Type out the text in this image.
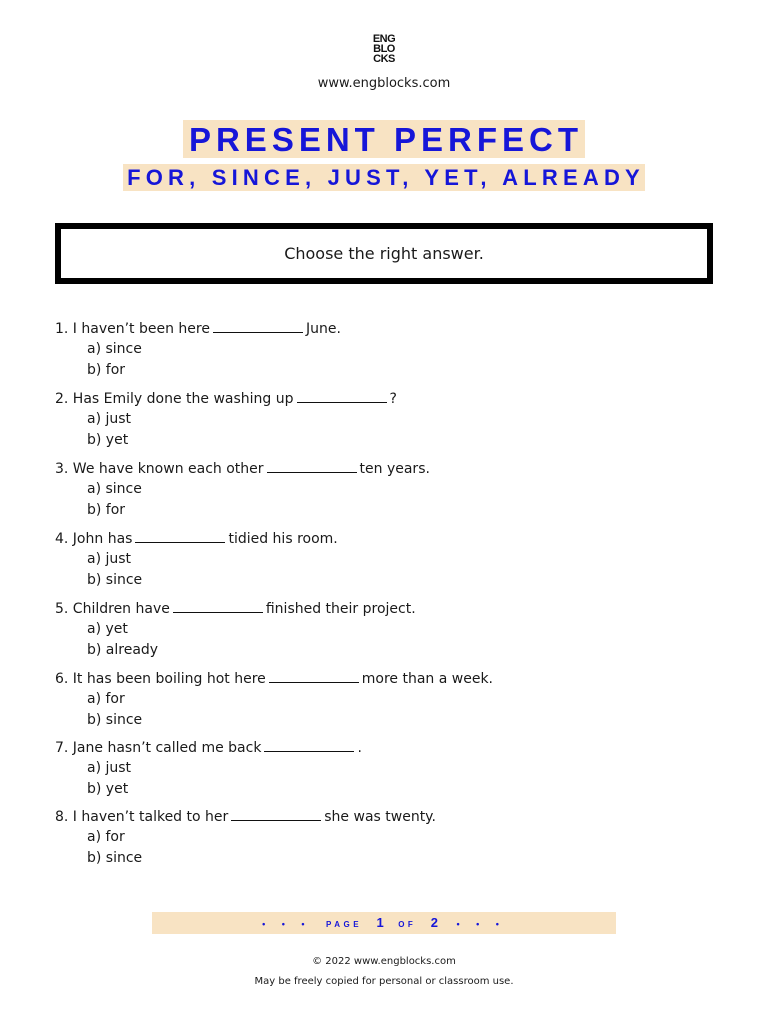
ENG
BLO
CKS
www.engblocks.com
PRESENT PERFECT
FOR, SINCE, JUST, YET, ALREADY
Choose the right answer.
1. I haven’t been here	June.
a) since
b) for
2. Has Emily done the washing up	?
a) just
b) yet
3. We have known each other	ten years.
a) since
b) for
4. John has	tidied his room.
a) just
b) since
5. Children have	finished their project.
a) yet
b) already
6. It has been boiling hot here	more than a week.
a) for
b) since
7. Jane hasn’t called me back	.
a) just
b) yet
8. I haven’t talked to her	she was twenty.
a) for
b) since
• • • PAGE 1 OF 2 • • •
© 2022 www.engblocks.com
May be freely copied for personal or classroom use.
